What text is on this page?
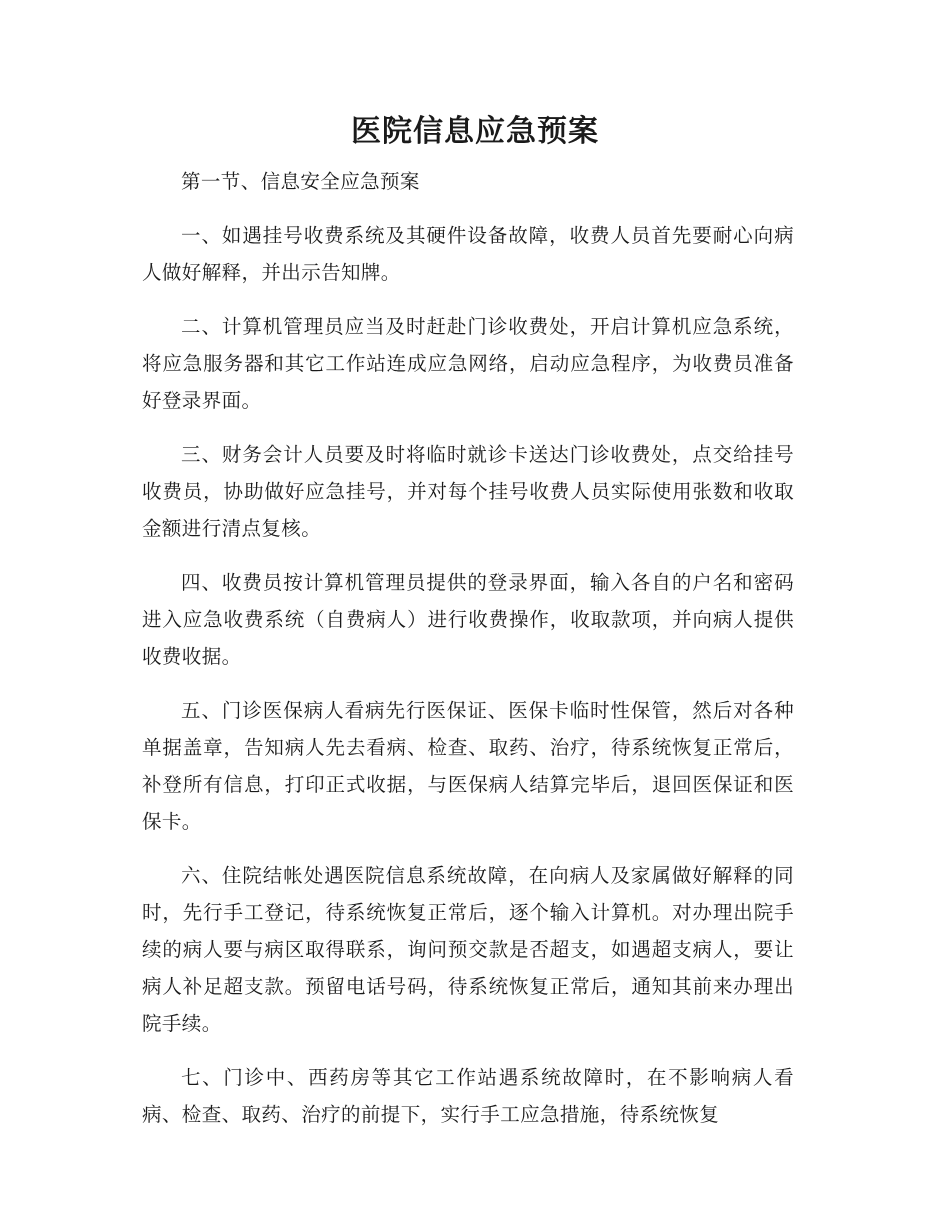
医院信息应急预案

第一节、信息安全应急预案

一、如遇挂号收费系统及其硬件设备故障，收费人员首先要耐心向病人做好解释，并出示告知牌。

二、计算机管理员应当及时赶赴门诊收费处，开启计算机应急系统，将应急服务器和其它工作站连成应急网络，启动应急程序，为收费员准备好登录界面。

三、财务会计人员要及时将临时就诊卡送达门诊收费处，点交给挂号收费员，协助做好应急挂号，并对每个挂号收费人员实际使用张数和收取金额进行清点复核。

四、收费员按计算机管理员提供的登录界面，输入各自的户名和密码进入应急收费系统（自费病人）进行收费操作，收取款项，并向病人提供收费收据。

五、门诊医保病人看病先行医保证、医保卡临时性保管，然后对各种单据盖章，告知病人先去看病、检查、取药、治疗，待系统恢复正常后，补登所有信息，打印正式收据，与医保病人结算完毕后，退回医保证和医保卡。

六、住院结帐处遇医院信息系统故障，在向病人及家属做好解释的同时，先行手工登记，待系统恢复正常后，逐个输入计算机。对办理出院手续的病人要与病区取得联系，询问预交款是否超支，如遇超支病人，要让病人补足超支款。预留电话号码，待系统恢复正常后，通知其前来办理出院手续。

七、门诊中、西药房等其它工作站遇系统故障时，在不影响病人看病、检查、取药、治疗的前提下，实行手工应急措施，待系统恢复
